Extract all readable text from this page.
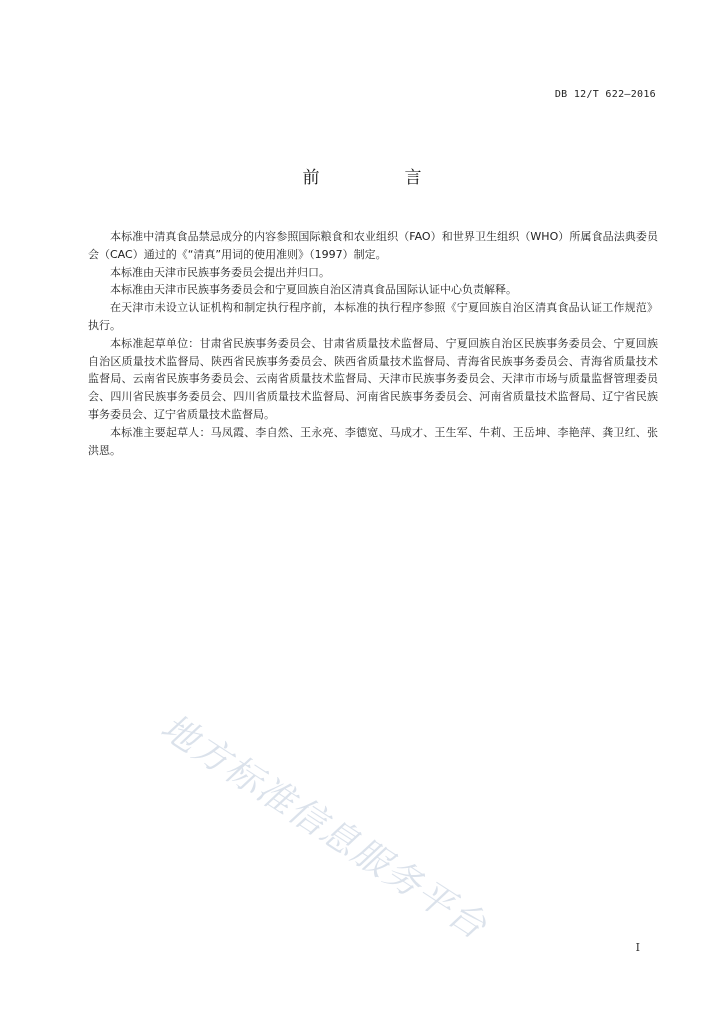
DB 12/T 622—2016
前　言

本标准中清真食品禁忌成分的内容参照国际粮食和农业组织（FAO）和世界卫生组织（WHO）所属食品法典委员会（CAC）通过的《“清真”用词的使用准则》（1997）制定。

本标准由天津市民族事务委员会提出并归口。

本标准由天津市民族事务委员会和宁夏回族自治区清真食品国际认证中心负责解释。

在天津市未设立认证机构和制定执行程序前，本标准的执行程序参照《宁夏回族自治区清真食品认证工作规范》执行。

本标准起草单位：甘肃省民族事务委员会、甘肃省质量技术监督局、宁夏回族自治区民族事务委员会、宁夏回族自治区质量技术监督局、陕西省民族事务委员会、陕西省质量技术监督局、青海省民族事务委员会、青海省质量技术监督局、云南省民族事务委员会、云南省质量技术监督局、天津市民族事务委员会、天津市市场与质量监督管理委员会、四川省民族事务委员会、四川省质量技术监督局、河南省民族事务委员会、河南省质量技术监督局、辽宁省民族事务委员会、辽宁省质量技术监督局。

本标准主要起草人：马凤霞、李自然、王永亮、李德宽、马成才、王生军、牛莉、王岳坤、李艳萍、龚卫红、张洪恩。

地方标准信息服务平台	I
